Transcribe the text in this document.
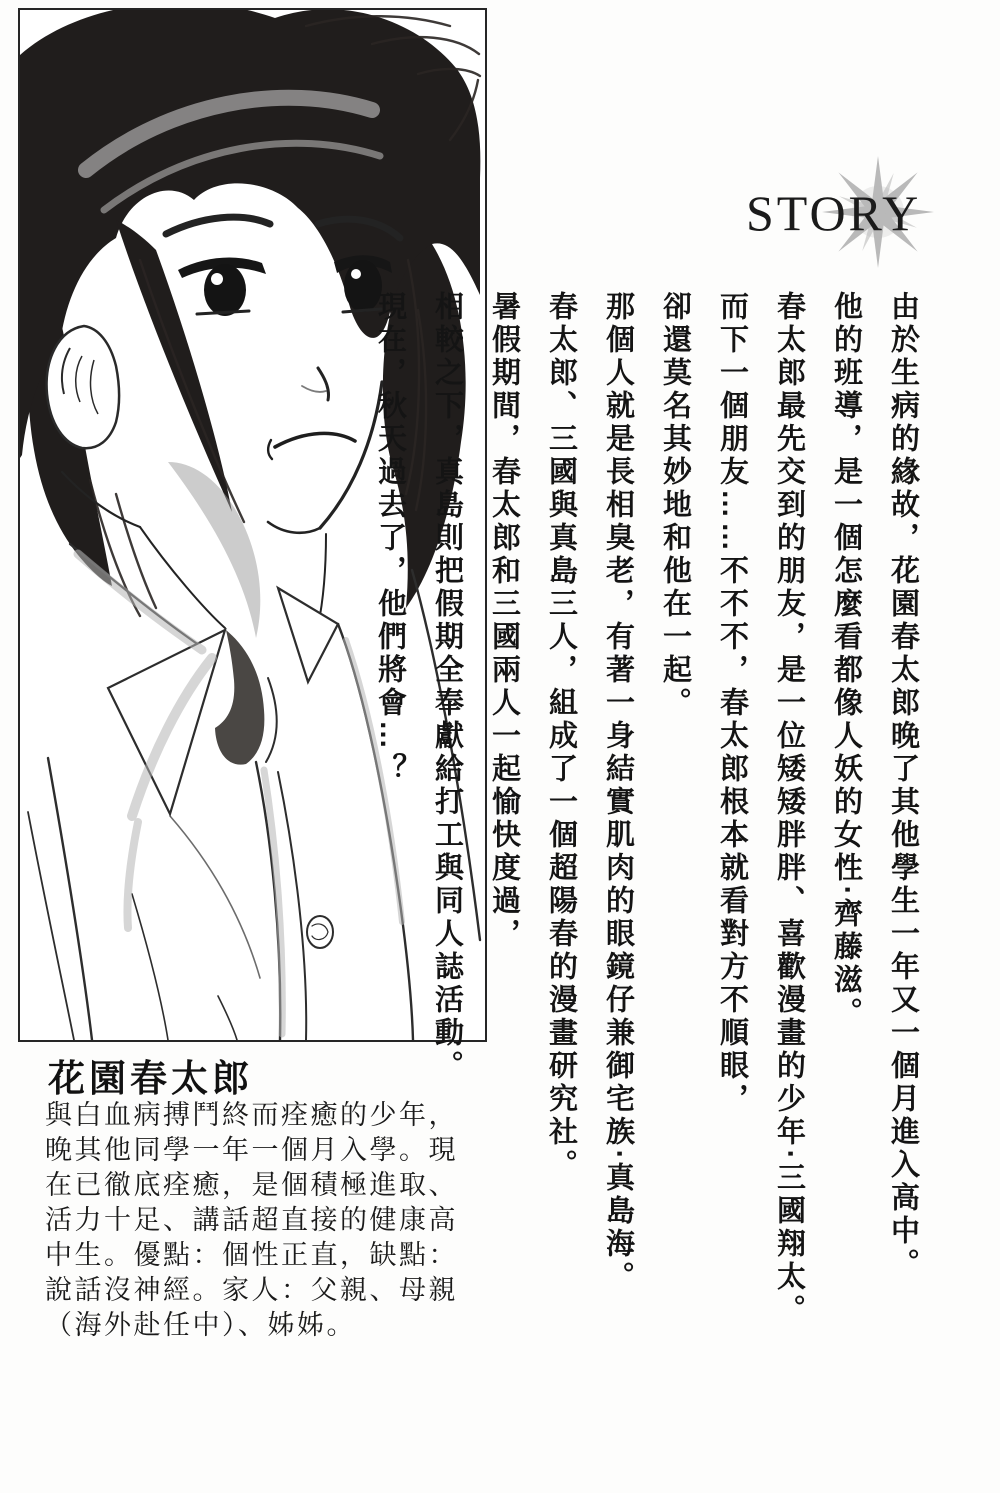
STORY

由於生病的緣故，花園春太郎晚了其他學生一年又一個月進入高中。

他的班導，是一個怎麼看都像人妖的女性‧齊藤滋。

春太郎最先交到的朋友，是一位矮矮胖胖、喜歡漫畫的少年‧三國翔太。

而下一個朋友……不不不，春太郎根本就看對方不順眼，

卻還莫名其妙地和他在一起。

那個人就是長相臭老，有著一身結實肌肉的眼鏡仔兼御宅族‧真島海。

春太郎、三國與真島三人，組成了一個超陽春的漫畫研究社。

暑假期間，春太郎和三國兩人一起愉快度過，

相較之下，真島則把假期全奉獻給打工與同人誌活動。

現在，秋天過去了，他們將會…？

花園春太郎
與白血病搏鬥終而痊癒的少年，晚其他同學一年一個月入學。現在已徹底痊癒，是個積極進取、活力十足、講話超直接的健康高中生。優點：個性正直，缺點：說話沒神經。家人：父親、母親（海外赴任中）、姊姊。
